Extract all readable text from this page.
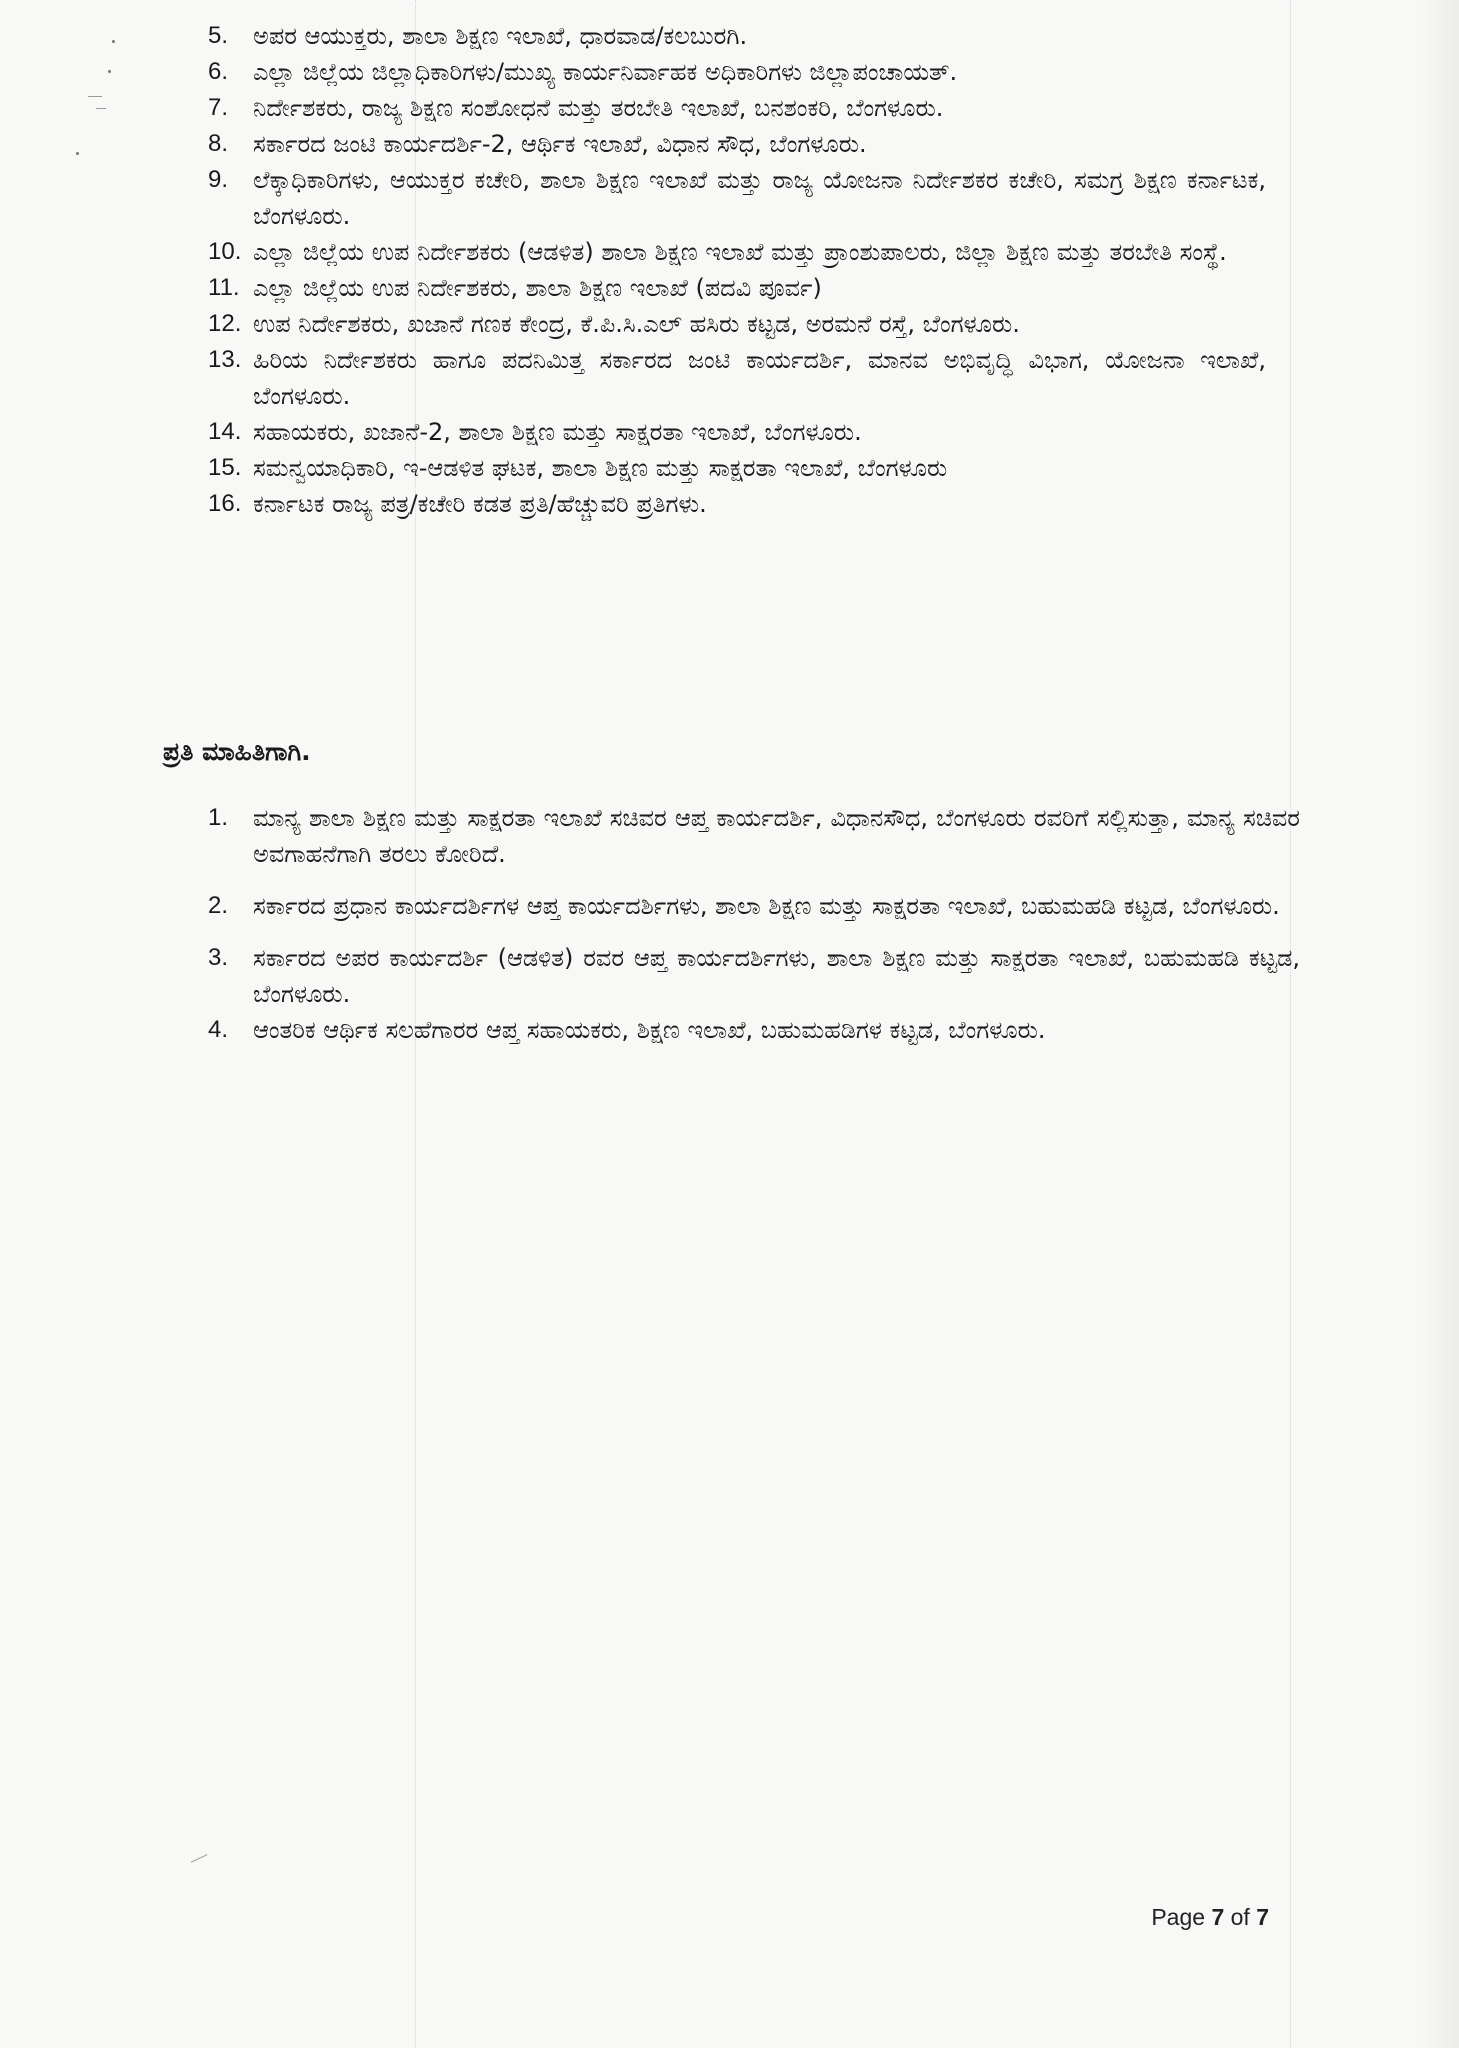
5.	ಅಪರ ಆಯುಕ್ತರು, ಶಾಲಾ ಶಿಕ್ಷಣ ಇಲಾಖೆ, ಧಾರವಾಡ/ಕಲಬುರಗಿ.
6.	ಎಲ್ಲಾ ಜಿಲ್ಲೆಯ ಜಿಲ್ಲಾಧಿಕಾರಿಗಳು/ಮುಖ್ಯ ಕಾರ್ಯನಿರ್ವಾಹಕ ಅಧಿಕಾರಿಗಳು ಜಿಲ್ಲಾಪಂಚಾಯತ್.
7.	ನಿರ್ದೇಶಕರು, ರಾಜ್ಯ ಶಿಕ್ಷಣ ಸಂಶೋಧನೆ ಮತ್ತು ತರಬೇತಿ ಇಲಾಖೆ, ಬನಶಂಕರಿ, ಬೆಂಗಳೂರು.
8.	ಸರ್ಕಾರದ ಜಂಟಿ ಕಾರ್ಯದರ್ಶಿ-2, ಆರ್ಥಿಕ ಇಲಾಖೆ, ವಿಧಾನ ಸೌಧ, ಬೆಂಗಳೂರು.
9.	ಲೆಕ್ಕಾಧಿಕಾರಿಗಳು, ಆಯುಕ್ತರ ಕಚೇರಿ, ಶಾಲಾ ಶಿಕ್ಷಣ ಇಲಾಖೆ ಮತ್ತು ರಾಜ್ಯ ಯೋಜನಾ ನಿರ್ದೇಶಕರ ಕಚೇರಿ, ಸಮಗ್ರ ಶಿಕ್ಷಣ ಕರ್ನಾಟಕ, ಬೆಂಗಳೂರು.
10. ಎಲ್ಲಾ ಜಿಲ್ಲೆಯ ಉಪ ನಿರ್ದೇಶಕರು (ಆಡಳಿತ) ಶಾಲಾ ಶಿಕ್ಷಣ ಇಲಾಖೆ ಮತ್ತು ಪ್ರಾಂಶುಪಾಲರು, ಜಿಲ್ಲಾ ಶಿಕ್ಷಣ ಮತ್ತು ತರಬೇತಿ ಸಂಸ್ಥೆ.
11. ಎಲ್ಲಾ ಜಿಲ್ಲೆಯ ಉಪ ನಿರ್ದೇಶಕರು, ಶಾಲಾ ಶಿಕ್ಷಣ ಇಲಾಖೆ (ಪದವಿ ಪೂರ್ವ)
12. ಉಪ ನಿರ್ದೇಶಕರು, ಖಜಾನೆ ಗಣಕ ಕೇಂದ್ರ, ಕೆ.ಪಿ.ಸಿ.ಎಲ್ ಹಸಿರು ಕಟ್ಟಡ, ಅರಮನೆ ರಸ್ತೆ, ಬೆಂಗಳೂರು.
13. ಹಿರಿಯ ನಿರ್ದೇಶಕರು ಹಾಗೂ ಪದನಿಮಿತ್ತ ಸರ್ಕಾರದ ಜಂಟಿ ಕಾರ್ಯದರ್ಶಿ, ಮಾನವ ಅಭಿವೃದ್ಧಿ ವಿಭಾಗ, ಯೋಜನಾ ಇಲಾಖೆ, ಬೆಂಗಳೂರು.
14. ಸಹಾಯಕರು, ಖಜಾನೆ-2, ಶಾಲಾ ಶಿಕ್ಷಣ ಮತ್ತು ಸಾಕ್ಷರತಾ ಇಲಾಖೆ, ಬೆಂಗಳೂರು.
15. ಸಮನ್ವಯಾಧಿಕಾರಿ, ಇ-ಆಡಳಿತ ಘಟಕ, ಶಾಲಾ ಶಿಕ್ಷಣ ಮತ್ತು ಸಾಕ್ಷರತಾ ಇಲಾಖೆ, ಬೆಂಗಳೂರು
16. ಕರ್ನಾಟಕ ರಾಜ್ಯ ಪತ್ರ/ಕಚೇರಿ ಕಡತ ಪ್ರತಿ/ಹೆಚ್ಚುವರಿ ಪ್ರತಿಗಳು.
ಪ್ರತಿ ಮಾಹಿತಿಗಾಗಿ.
1.	ಮಾನ್ಯ ಶಾಲಾ ಶಿಕ್ಷಣ ಮತ್ತು ಸಾಕ್ಷರತಾ ಇಲಾಖೆ ಸಚಿವರ ಆಪ್ತ ಕಾರ್ಯದರ್ಶಿ, ವಿಧಾನಸೌಧ, ಬೆಂಗಳೂರು ರವರಿಗೆ ಸಲ್ಲಿಸುತ್ತಾ, ಮಾನ್ಯ ಸಚಿವರ ಅವಗಾಹನೆಗಾಗಿ ತರಲು ಕೋರಿದೆ.
2.	ಸರ್ಕಾರದ ಪ್ರಧಾನ ಕಾರ್ಯದರ್ಶಿಗಳ ಆಪ್ತ ಕಾರ್ಯದರ್ಶಿಗಳು, ಶಾಲಾ ಶಿಕ್ಷಣ ಮತ್ತು ಸಾಕ್ಷರತಾ ಇಲಾಖೆ, ಬಹುಮಹಡಿ ಕಟ್ಟಡ, ಬೆಂಗಳೂರು.
3.	ಸರ್ಕಾರದ ಅಪರ ಕಾರ್ಯದರ್ಶಿ (ಆಡಳಿತ) ರವರ ಆಪ್ತ ಕಾರ್ಯದರ್ಶಿಗಳು, ಶಾಲಾ ಶಿಕ್ಷಣ ಮತ್ತು ಸಾಕ್ಷರತಾ ಇಲಾಖೆ, ಬಹುಮಹಡಿ ಕಟ್ಟಡ, ಬೆಂಗಳೂರು.
4.	ಆಂತರಿಕ ಆರ್ಥಿಕ ಸಲಹೆಗಾರರ ಆಪ್ತ ಸಹಾಯಕರು, ಶಿಕ್ಷಣ ಇಲಾಖೆ, ಬಹುಮಹಡಿಗಳ ಕಟ್ಟಡ, ಬೆಂಗಳೂರು.
Page 7 of 7
